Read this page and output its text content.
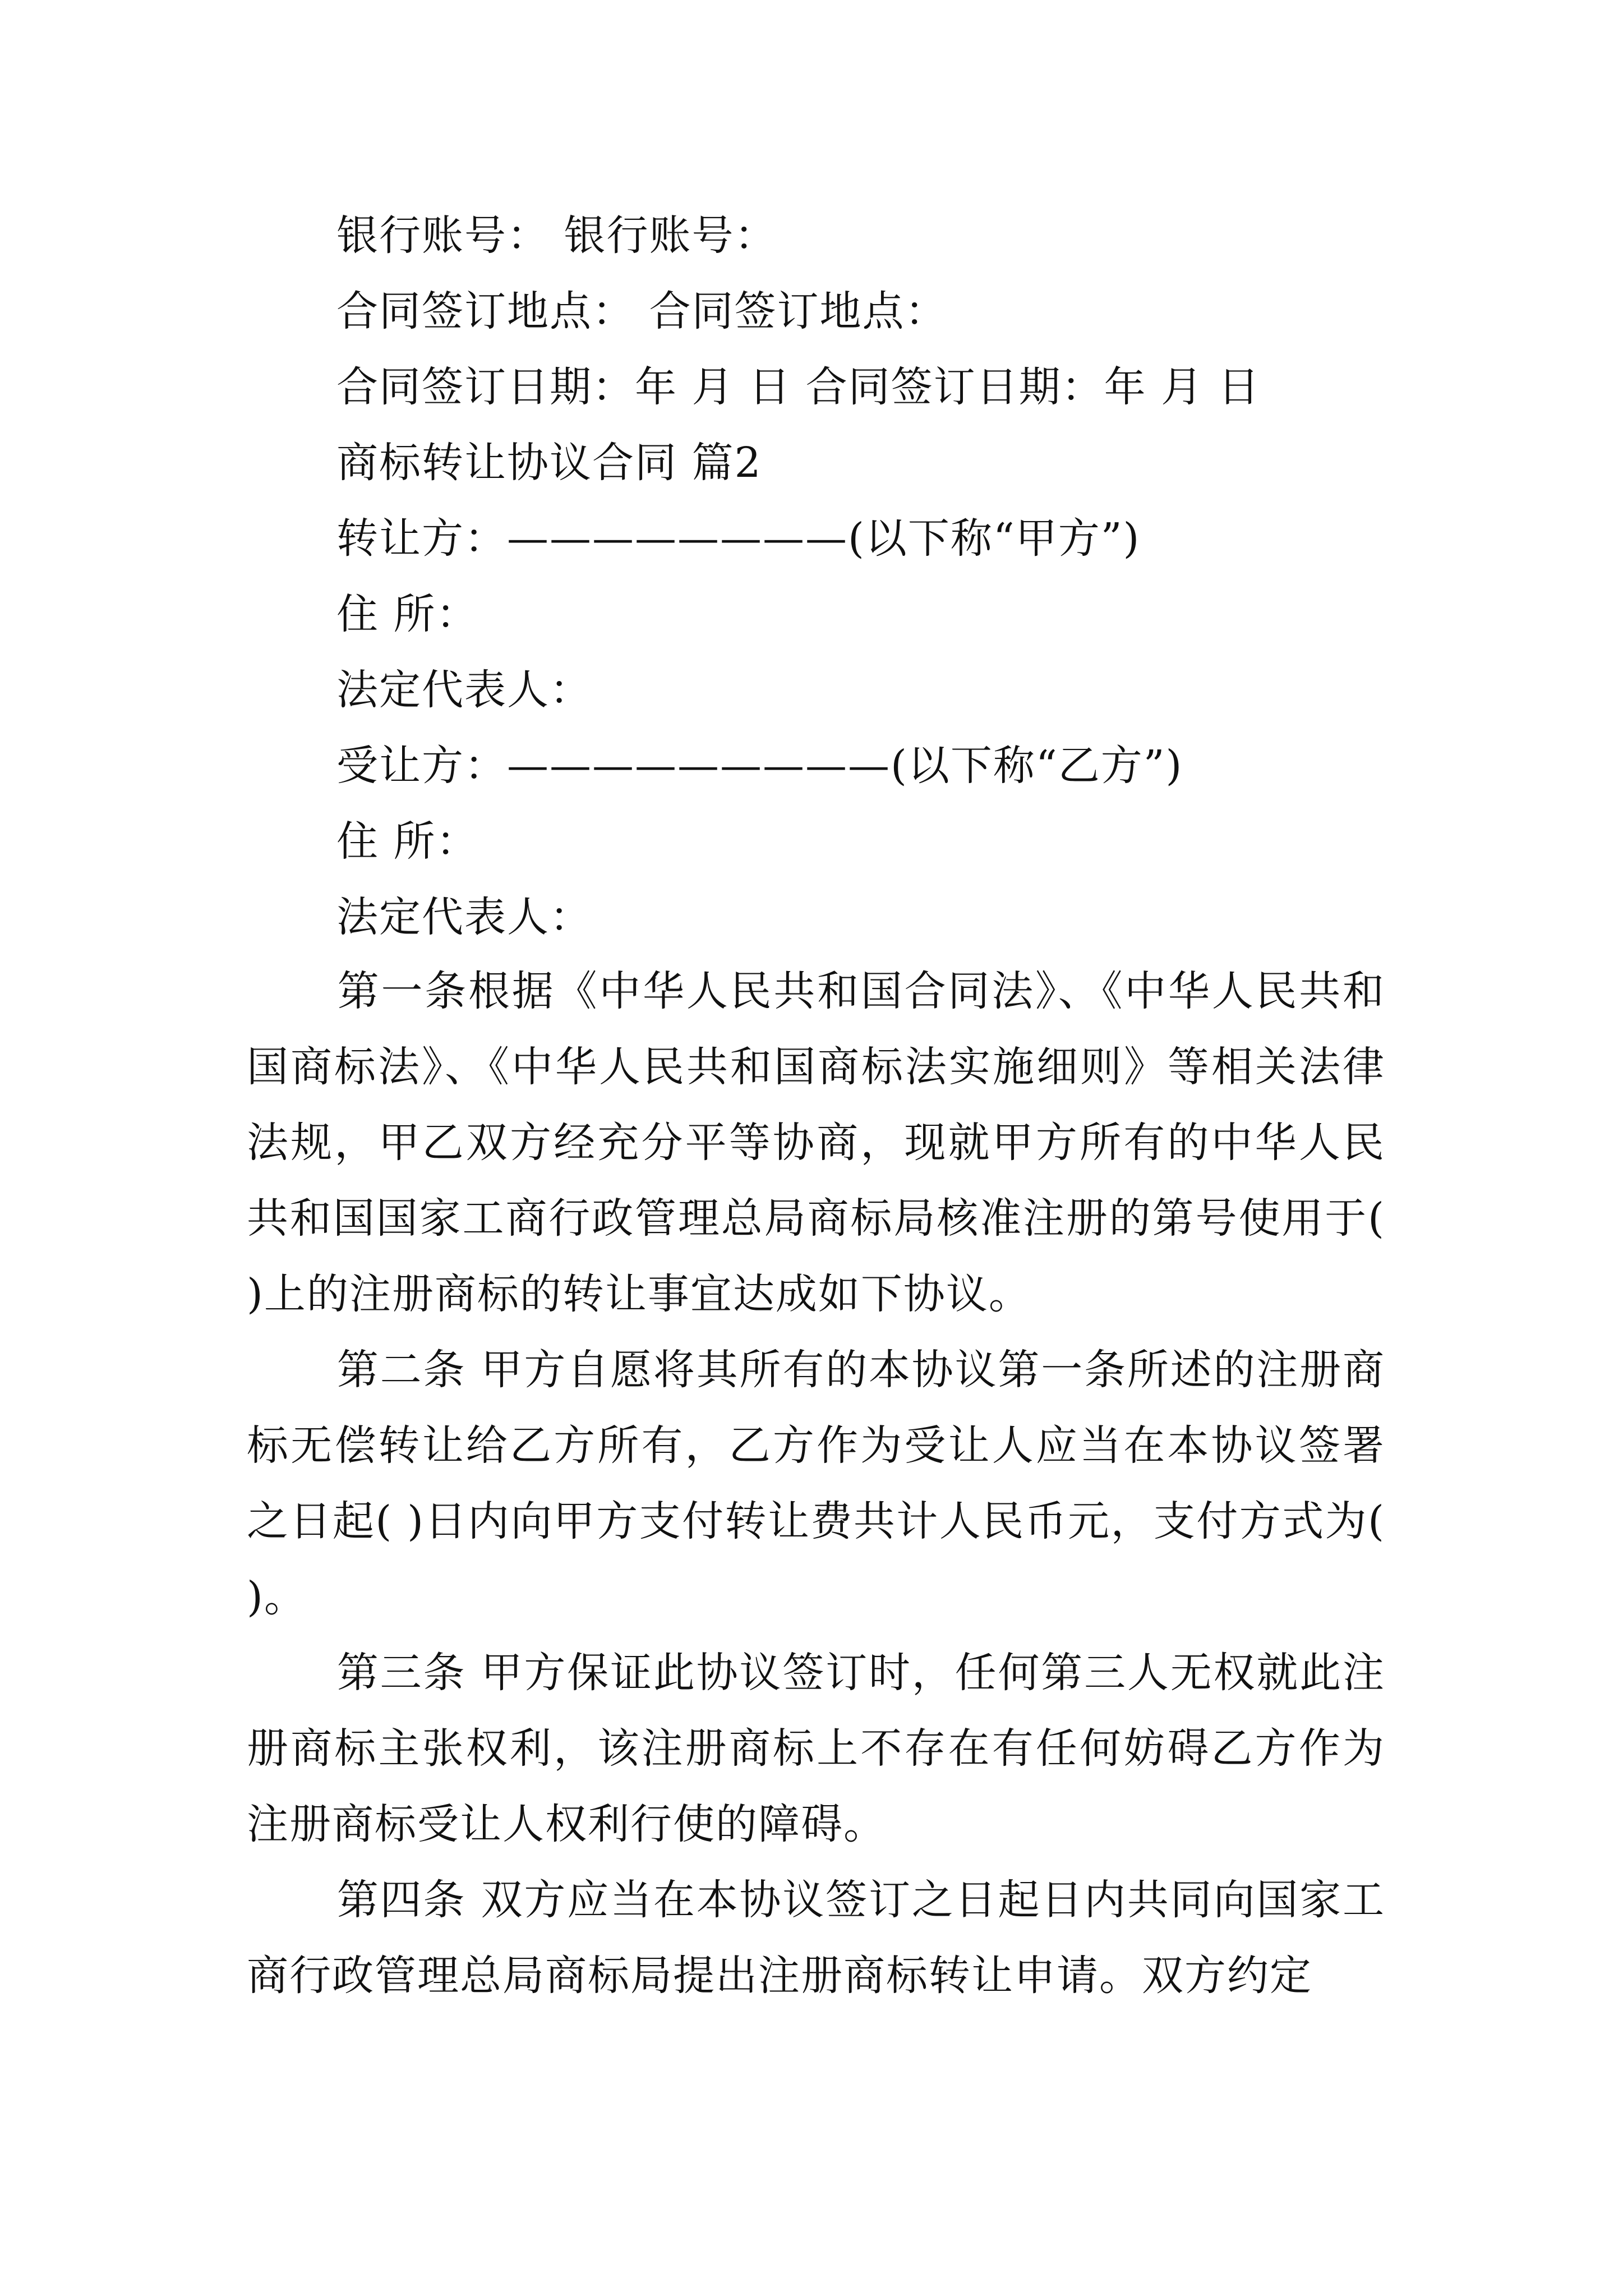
银行账号： 银行账号：
合同签订地点： 合同签订地点：
合同签订日期：年 月 日 合同签订日期：年 月 日
商标转让协议合同 篇2
转让方：————————(以下称“甲方”)
住 所：
法定代表人：
受让方：—————————(以下称“乙方”)
住 所：
法定代表人：
第一条根据《中华人民共和国合同法》、《中华人民共和国商标法》、《中华人民共和国商标法实施细则》等相关法律法规，甲乙双方经充分平等协商，现就甲方所有的中华人民共和国国家工商行政管理总局商标局核准注册的第号使用于( )上的注册商标的转让事宜达成如下协议。
第二条 甲方自愿将其所有的本协议第一条所述的注册商标无偿转让给乙方所有，乙方作为受让人应当在本协议签署之日起( )日内向甲方支付转让费共计人民币元，支付方式为( )。
第三条 甲方保证此协议签订时，任何第三人无权就此注册商标主张权利，该注册商标上不存在有任何妨碍乙方作为注册商标受让人权利行使的障碍。
第四条 双方应当在本协议签订之日起日内共同向国家工商行政管理总局商标局提出注册商标转让申请。双方约定
